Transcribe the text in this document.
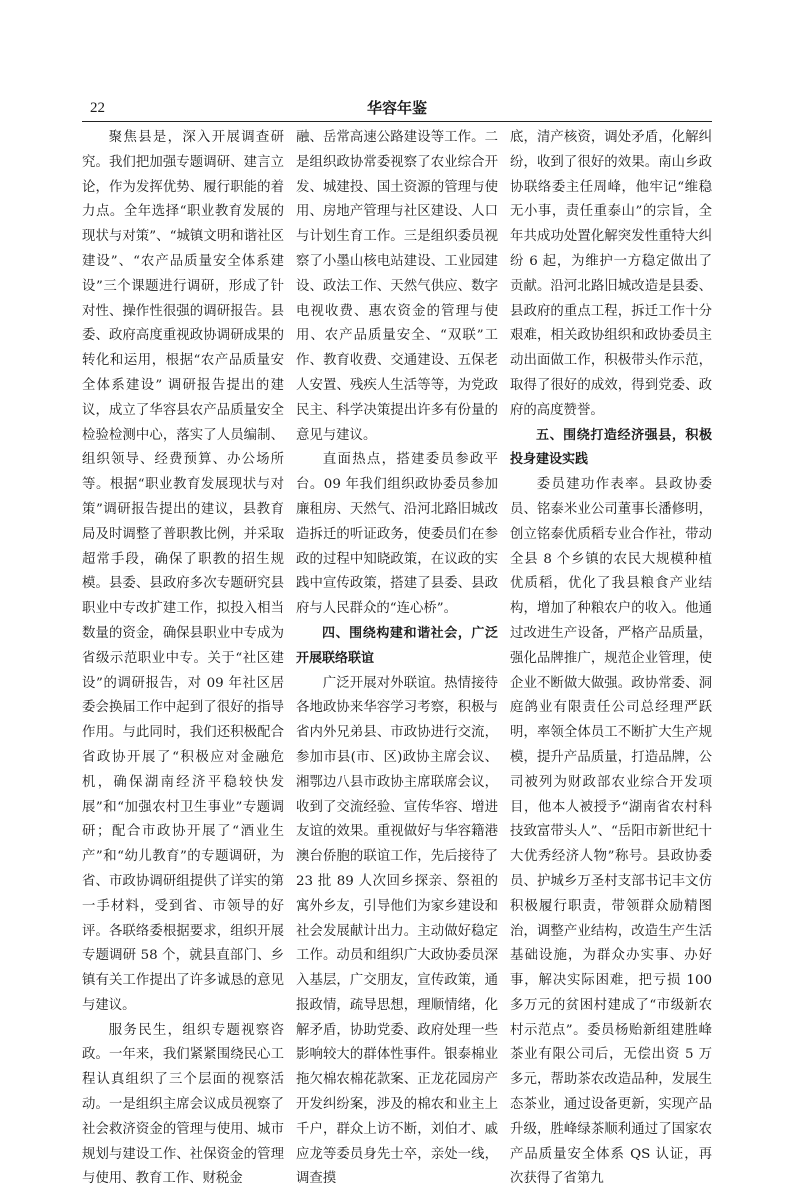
22	华容年鉴

聚焦县是，深入开展调查研究。我们把加强专题调研、建言立论，作为发挥优势、履行职能的着力点。全年选择“职业教育发展的现状与对策”、“城镇文明和谐社区建设”、“农产品质量安全体系建设”三个课题进行调研，形成了针对性、操作性很强的调研报告。县委、政府高度重视政协调研成果的转化和运用，根据“农产品质量安全体系建设” 调研报告提出的建议，成立了华容县农产品质量安全检验检测中心，落实了人员编制、组织领导、经费预算、办公场所等。根据“职业教育发展现状与对策”调研报告提出的建议，县教育局及时调整了普职教比例，并采取超常手段，确保了职教的招生规模。县委、县政府多次专题研究县职业中专改扩建工作，拟投入相当数量的资金，确保县职业中专成为省级示范职业中专。关于“社区建设”的调研报告，对 09 年社区居委会换届工作中起到了很好的指导作用。与此同时，我们还积极配合省政协开展了“积极应对金融危机，确保湖南经济平稳较快发展”和“加强农村卫生事业”专题调研；配合市政协开展了“酒业生产”和“幼儿教育”的专题调研，为省、市政协调研组提供了详实的第一手材料，受到省、市领导的好评。各联络委根据要求，组织开展专题调研 58 个，就县直部门、乡镇有关工作提出了许多诚恳的意见与建议。

服务民生，组织专题视察咨政。一年来，我们紧紧围绕民心工程认真组织了三个层面的视察活动。一是组织主席会议成员视察了社会救济资金的管理与使用、城市规划与建设工作、社保资金的管理与使用、教育工作、财税金

融、岳常高速公路建设等工作。二是组织政协常委视察了农业综合开发、城建投、国土资源的管理与使用、房地产管理与社区建设、人口与计划生育工作。三是组织委员视察了小墨山核电站建设、工业园建设、政法工作、天然气供应、数字电视收费、惠农资金的管理与使用、农产品质量安全、“双联”工作、教育收费、交通建设、五保老人安置、残疾人生活等等，为党政民主、科学决策提出许多有份量的意见与建议。

直面热点，搭建委员参政平台。09 年我们组织政协委员参加廉租房、天然气、沿河北路旧城改造拆迁的听证政务，使委员们在参政的过程中知晓政策，在议政的实践中宣传政策，搭建了县委、县政府与人民群众的“连心桥”。

四、围绕构建和谐社会，广泛开展联络联谊

广泛开展对外联谊。热情接待各地政协来华容学习考察，积极与省内外兄弟县、市政协进行交流，参加市县(市、区)政协主席会议、湘鄂边八县市政协主席联席会议，收到了交流经验、宣传华容、增进友谊的效果。重视做好与华容籍港澳台侨胞的联谊工作，先后接待了 23 批 89 人次回乡探亲、祭祖的寓外乡友，引导他们为家乡建设和社会发展献计出力。主动做好稳定工作。动员和组织广大政协委员深入基层，广交朋友，宣传政策，通报政情，疏导思想，理顺情绪，化解矛盾，协助党委、政府处理一些影响较大的群体性事件。银泰棉业拖欠棉农棉花款案、正龙花园房产开发纠纷案，涉及的棉农和业主上千户，群众上访不断，刘伯才、戚应龙等委员身先士卒，亲处一线，调查摸

底，清产核资，调处矛盾，化解纠纷，收到了很好的效果。南山乡政协联络委主任周峰，他牢记“维稳无小事，责任重泰山”的宗旨，全年共成功处置化解突发性重特大纠纷 6 起，为维护一方稳定做出了贡献。沿河北路旧城改造是县委、县政府的重点工程，拆迁工作十分艰难，相关政协组织和政协委员主动出面做工作，积极带头作示范，取得了很好的成效，得到党委、政府的高度赞誉。

五、围绕打造经济强县，积极投身建设实践

委员建功作表率。县政协委员、铭泰米业公司董事长潘修明，创立铭泰优质稻专业合作社，带动全县 8 个乡镇的农民大规模种植优质稻，优化了我县粮食产业结构，增加了种粮农户的收入。他通过改进生产设备，严格产品质量，强化品牌推广，规范企业管理，使企业不断做大做强。政协常委、洞庭鸽业有限责任公司总经理严跃明，率领全体员工不断扩大生产规模，提升产品质量，打造品牌，公司被列为财政部农业综合开发项目，他本人被授予“湖南省农村科技致富带头人”、“岳阳市新世纪十大优秀经济人物”称号。县政协委员、护城乡万圣村支部书记丰文仿积极履行职责，带领群众励精图治，调整产业结构，改造生产生活基础设施，为群众办实事、办好事，解决实际困难，把亏损 100 多万元的贫困村建成了“市级新农村示范点”。委员杨贻新组建胜峰茶业有限公司后，无偿出资 5 万多元，帮助茶农改造品种，发展生态茶业，通过设备更新，实现产品升级，胜峰绿茶顺利通过了国家农产品质量安全体系 QS 认证，再次获得了省第九
